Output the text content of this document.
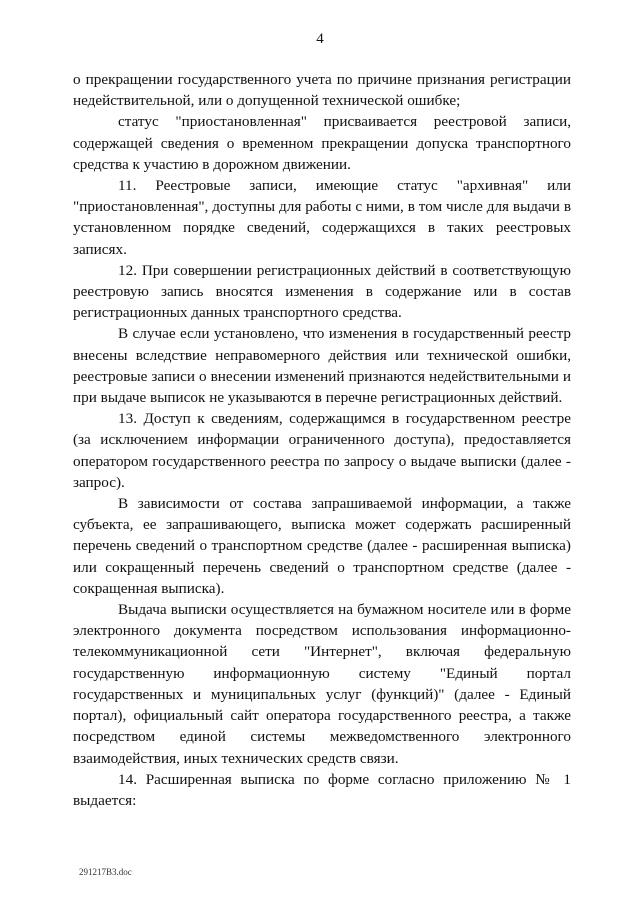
4

о прекращении государственного учета по причине признания регистрации недействительной, или о допущенной технической ошибке;

статус "приостановленная" присваивается реестровой записи, содержащей сведения о временном прекращении допуска транспортного средства к участию в дорожном движении.

11. Реестровые записи, имеющие статус "архивная" или "приостановленная", доступны для работы с ними, в том числе для выдачи в установленном порядке сведений, содержащихся в таких реестровых записях.

12. При совершении регистрационных действий в соответствующую реестровую запись вносятся изменения в содержание или в состав регистрационных данных транспортного средства.

В случае если установлено, что изменения в государственный реестр внесены вследствие неправомерного действия или технической ошибки, реестровые записи о внесении изменений признаются недействительными и при выдаче выписок не указываются в перечне регистрационных действий.

13. Доступ к сведениям, содержащимся в государственном реестре (за исключением информации ограниченного доступа), предоставляется оператором государственного реестра по запросу о выдаче выписки (далее - запрос).

В зависимости от состава запрашиваемой информации, а также субъекта, ее запрашивающего, выписка может содержать расширенный перечень сведений о транспортном средстве (далее - расширенная выписка) или сокращенный перечень сведений о транспортном средстве (далее - сокращенная выписка).

Выдача выписки осуществляется на бумажном носителе или в форме электронного документа посредством использования информационно-телекоммуникационной сети "Интернет", включая федеральную государственную информационную систему "Единый портал государственных и муниципальных услуг (функций)" (далее - Единый портал), официальный сайт оператора государственного реестра, а также посредством единой системы межведомственного электронного взаимодействия, иных технических средств связи.

14. Расширенная выписка по форме согласно приложению № 1 выдается:

291217B3.doc
